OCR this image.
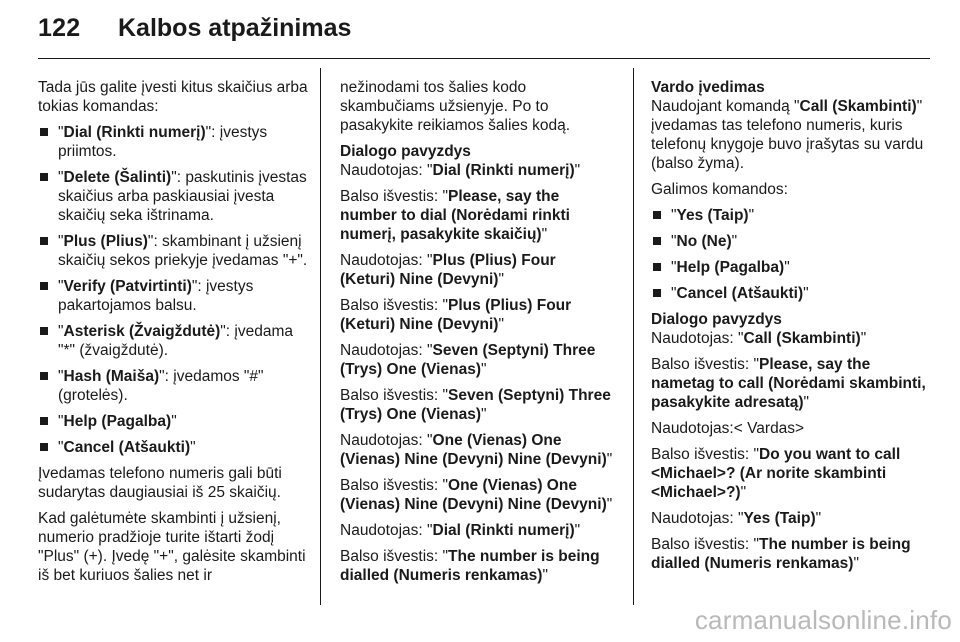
122 Kalbos atpažinimas

Tada jūs galite įvesti kitus skaičius arba tokias komandas:

"Dial (Rinkti numerį)": įvestys priimtos.
"Delete (Šalinti)": paskutinis įvestas skaičius arba paskiausiai įvesta skaičių seka ištrinama.
"Plus (Plius)": skambinant į užsienį skaičių sekos priekyje įvedamas "+".
"Verify (Patvirtinti)": įvestys pakartojamos balsu.
"Asterisk (Žvaigždutė)": įvedama "*" (žvaigždutė).
"Hash (Maiša)": įvedamos "#" (grotelės).
"Help (Pagalba)"
"Cancel (Atšaukti)"

Įvedamas telefono numeris gali būti sudarytas daugiausiai iš 25 skaičių.

Kad galėtumėte skambinti į užsienį, numerio pradžioje turite ištarti žodį "Plus" (+). Įvedę "+", galėsite skambinti iš bet kuriuos šalies net ir

nežinodami tos šalies kodo skambučiams užsienyje. Po to pasakykite reikiamos šalies kodą.

Dialogo pavyzdys

Naudotojas: "Dial (Rinkti numerį)"

Balso išvestis: "Please, say the number to dial (Norėdami rinkti numerį, pasakykite skaičių)"

Naudotojas: "Plus (Plius) Four (Keturi) Nine (Devyni)"

Balso išvestis: "Plus (Plius) Four (Keturi) Nine (Devyni)"

Naudotojas: "Seven (Septyni) Three (Trys) One (Vienas)"

Balso išvestis: "Seven (Septyni) Three (Trys) One (Vienas)"

Naudotojas: "One (Vienas) One (Vienas) Nine (Devyni) Nine (Devyni)"

Balso išvestis: "One (Vienas) One (Vienas) Nine (Devyni) Nine (Devyni)"

Naudotojas: "Dial (Rinkti numerį)"

Balso išvestis: "The number is being dialled (Numeris renkamas)"

Vardo įvedimas

Naudojant komandą "Call (Skambinti)" įvedamas tas telefono numeris, kuris telefonų knygoje buvo įrašytas su vardu (balso žyma).

Galimos komandos:

"Yes (Taip)"
"No (Ne)"
"Help (Pagalba)"
"Cancel (Atšaukti)"
Dialogo pavyzdys

Naudotojas: "Call (Skambinti)"

Balso išvestis: "Please, say the nametag to call (Norėdami skambinti, pasakykite adresatą)"

Naudotojas:< Vardas>

Balso išvestis: "Do you want to call <Michael>? (Ar norite skambinti <Michael>?)"

Naudotojas: "Yes (Taip)"

Balso išvestis: "The number is being dialled (Numeris renkamas)"

carmanualsonline.info
